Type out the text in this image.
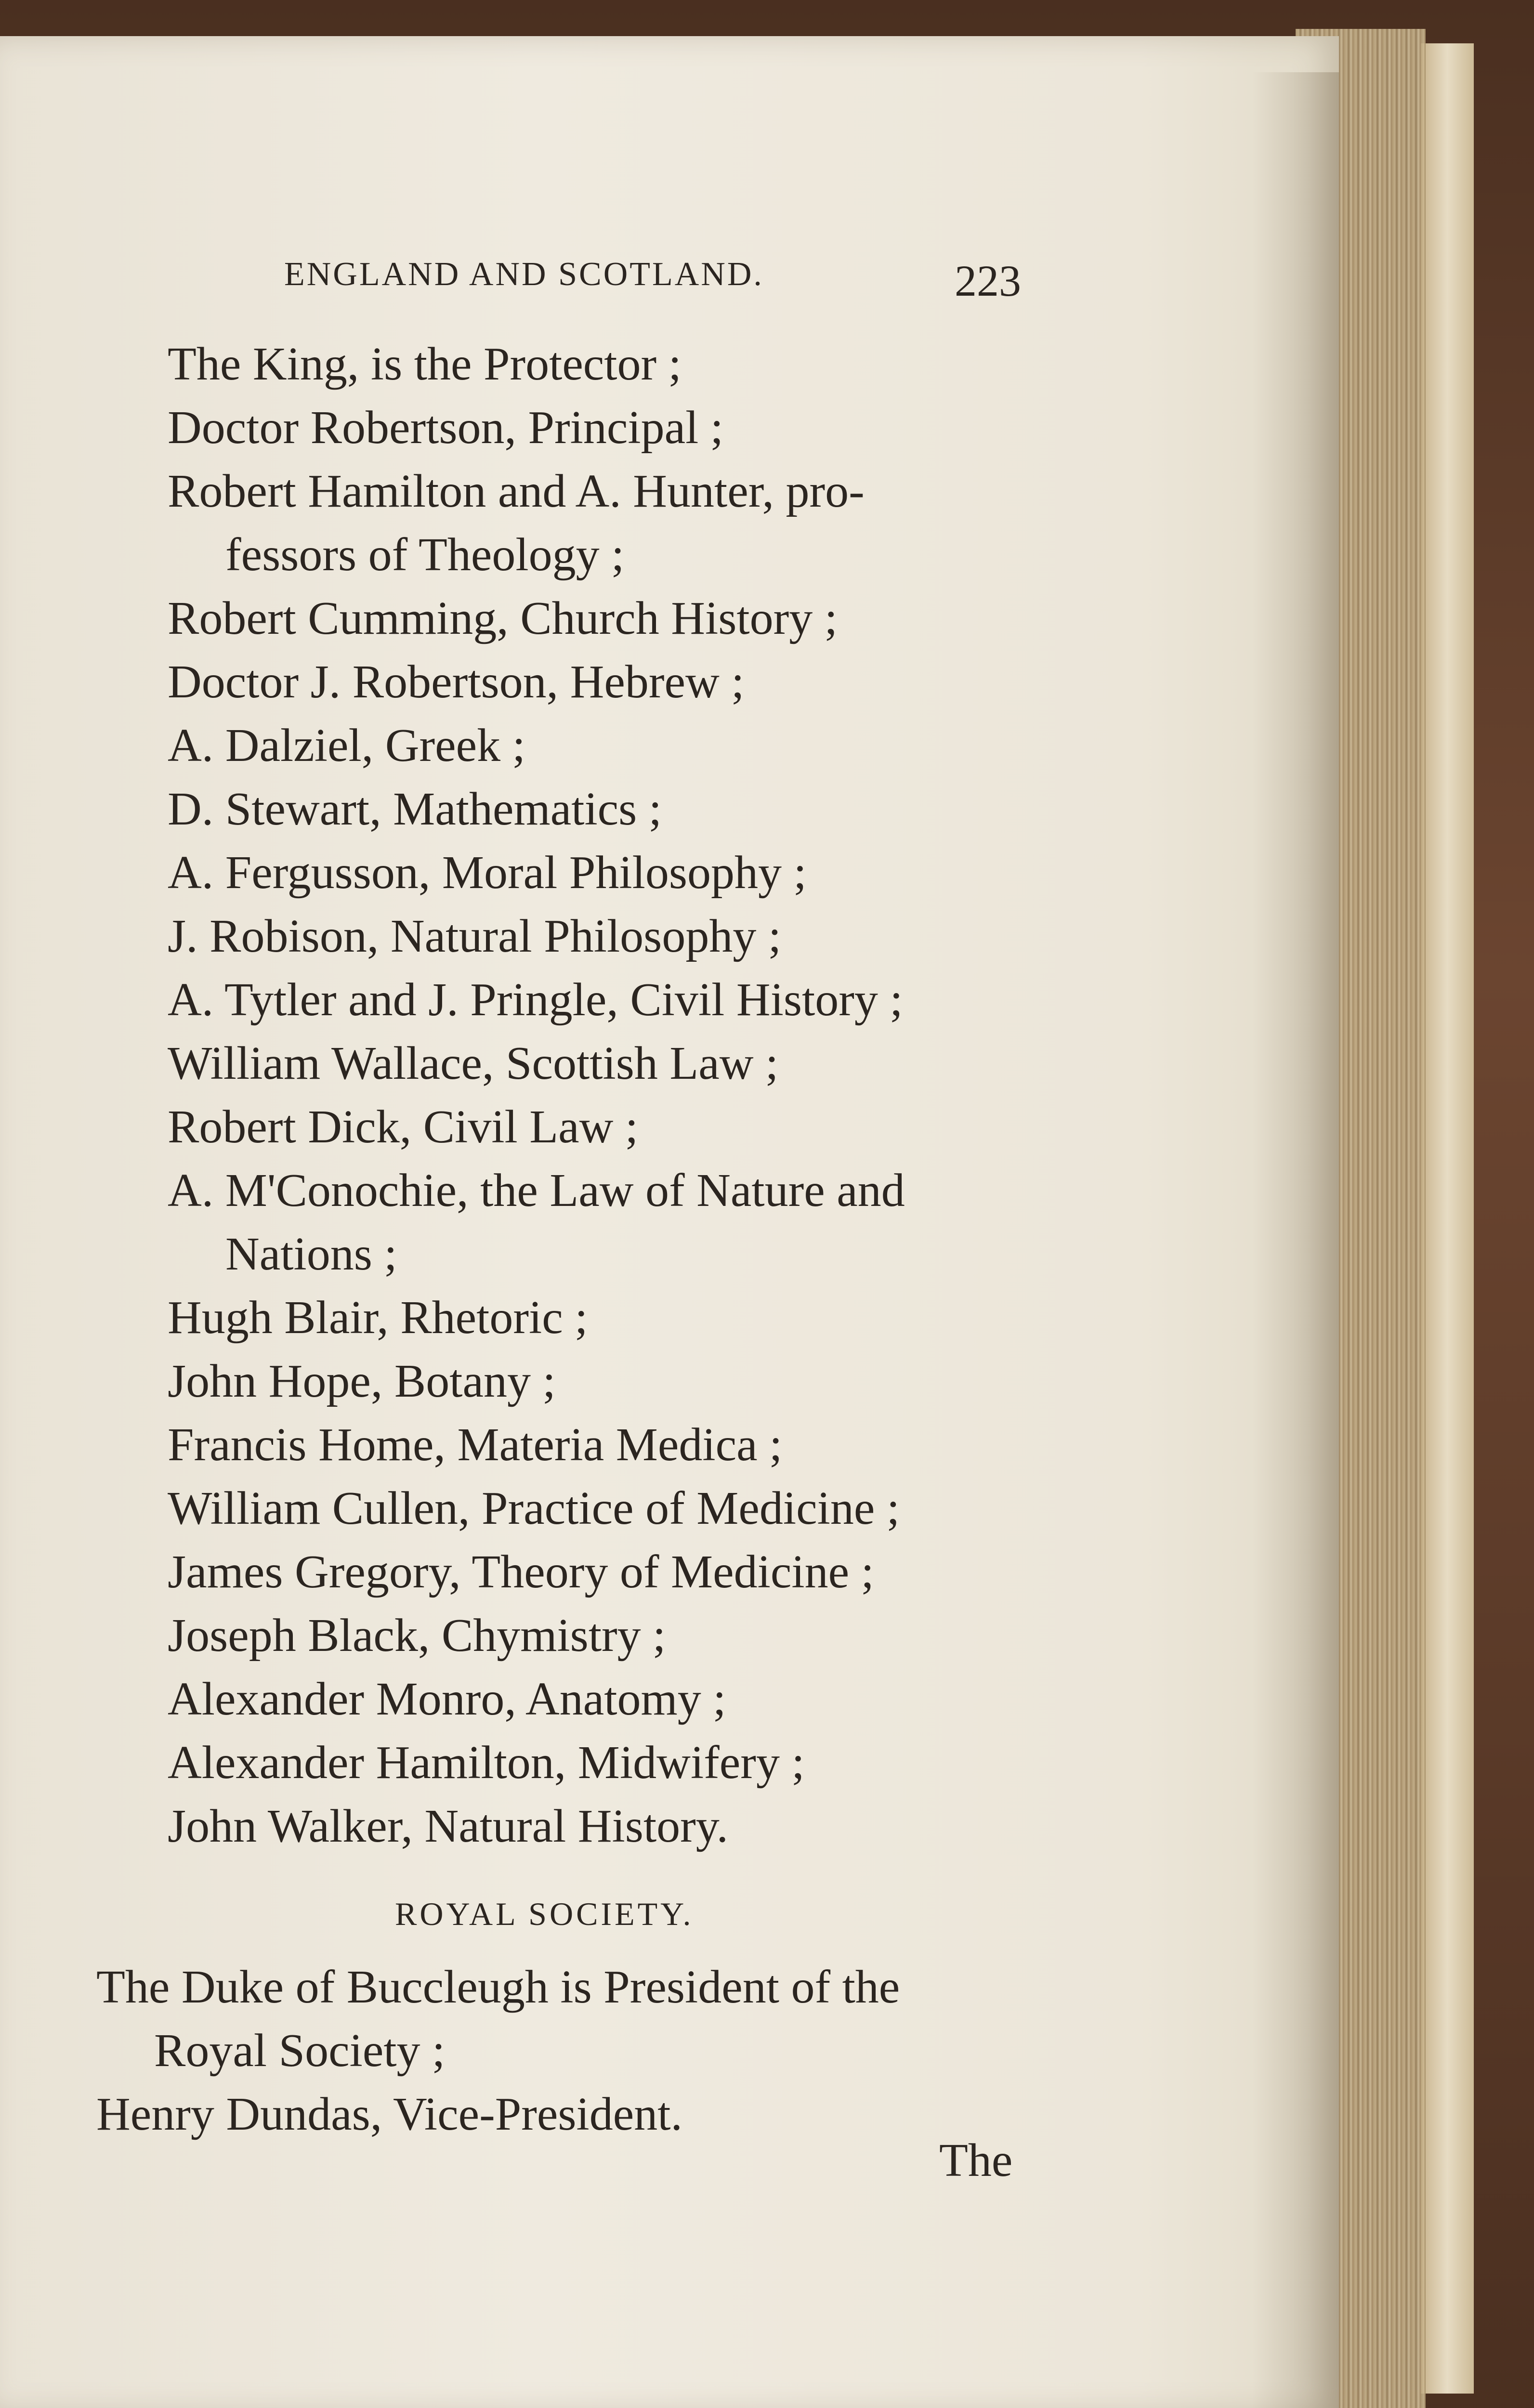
ENGLAND AND SCOTLAND.	223
The King, is the Protector ;
Doctor Robertson, Principal ;
Robert Hamilton and A. Hunter, pro-
fessors of Theology ;
Robert Cumming, Church History ;
Doctor J. Robertson, Hebrew ;
A. Dalziel, Greek ;
D. Stewart, Mathematics ;
A. Fergusson, Moral Philosophy ;
J. Robison, Natural Philosophy ;
A. Tytler and J. Pringle, Civil History ;
William Wallace, Scottish Law ;
Robert Dick, Civil Law ;
A. M'Conochie, the Law of Nature and
Nations ;
Hugh Blair, Rhetoric ;
John Hope, Botany ;
Francis Home, Materia Medica ;
William Cullen, Practice of Medicine ;
James Gregory, Theory of Medicine ;
Joseph Black, Chymistry ;
Alexander Monro, Anatomy ;
Alexander Hamilton, Midwifery ;
John Walker, Natural History.
ROYAL SOCIETY.
The Duke of Buccleugh is President of the
Royal Society ;
Henry Dundas, Vice-President.
The
